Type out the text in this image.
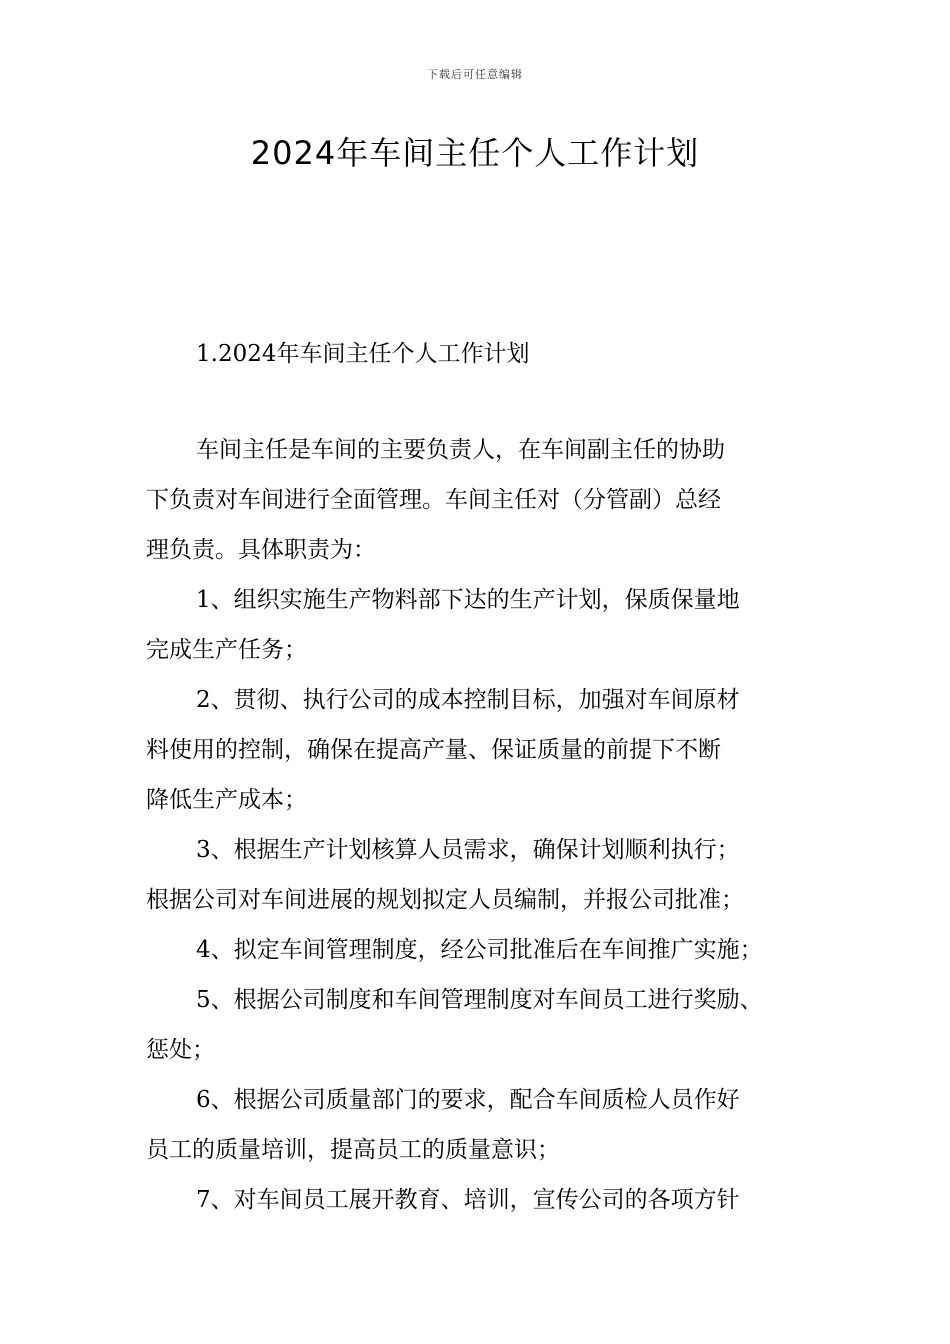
下载后可任意编辑
2024年车间主任个人工作计划

1.2024年车间主任个人工作计划

车间主任是车间的主要负责人，在车间副主任的协助
下负责对车间进行全面管理。车间主任对（分管副）总经
理负责。具体职责为：
1、组织实施生产物料部下达的生产计划，保质保量地
完成生产任务；
2、贯彻、执行公司的成本控制目标，加强对车间原材
料使用的控制，确保在提高产量、保证质量的前提下不断
降低生产成本；
3、根据生产计划核算人员需求，确保计划顺利执行；
根据公司对车间进展的规划拟定人员编制，并报公司批准；
4、拟定车间管理制度，经公司批准后在车间推广实施；
5、根据公司制度和车间管理制度对车间员工进行奖励、
惩处；
6、根据公司质量部门的要求，配合车间质检人员作好
员工的质量培训，提高员工的质量意识；
7、对车间员工展开教育、培训，宣传公司的各项方针
